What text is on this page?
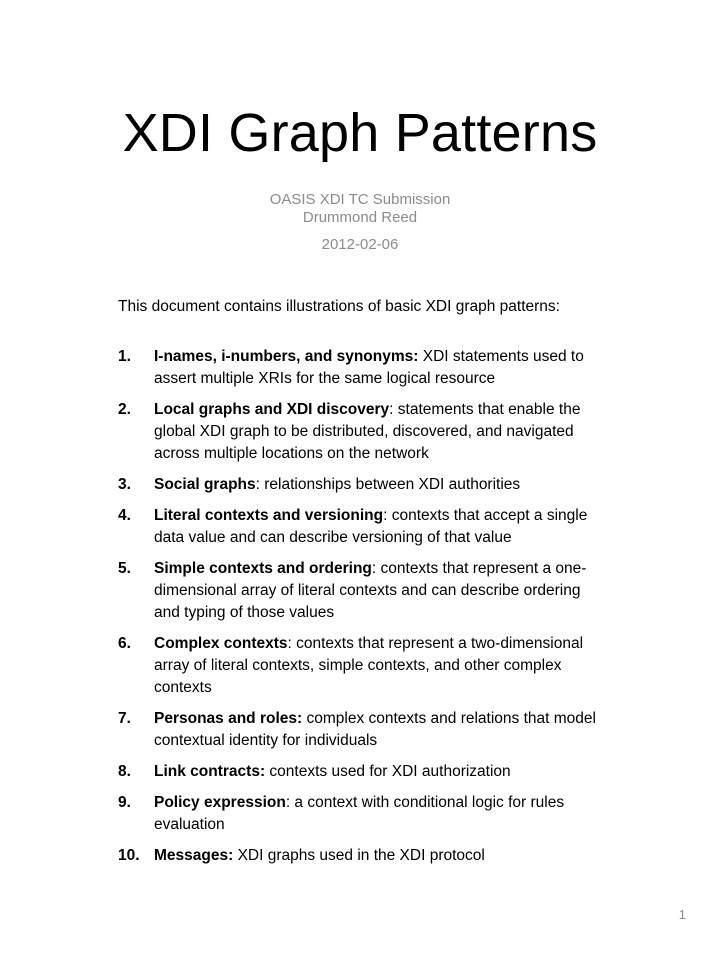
XDI Graph Patterns
OASIS XDI TC Submission
Drummond Reed
2012-02-06
This document contains illustrations of basic XDI graph patterns:
1. I-names, i-numbers, and synonyms: XDI statements used to assert multiple XRIs for the same logical resource
2. Local graphs and XDI discovery: statements that enable the global XDI graph to be distributed, discovered, and navigated across multiple locations on the network
3. Social graphs: relationships between XDI authorities
4. Literal contexts and versioning: contexts that accept a single data value and can describe versioning of that value
5. Simple contexts and ordering: contexts that represent a one-dimensional array of literal contexts and can describe ordering and typing of those values
6. Complex contexts: contexts that represent a two-dimensional array of literal contexts, simple contexts, and other complex contexts
7. Personas and roles: complex contexts and relations that model contextual identity for individuals
8. Link contracts: contexts used for XDI authorization
9. Policy expression: a context with conditional logic for rules evaluation
10. Messages: XDI graphs used in the XDI protocol
1
